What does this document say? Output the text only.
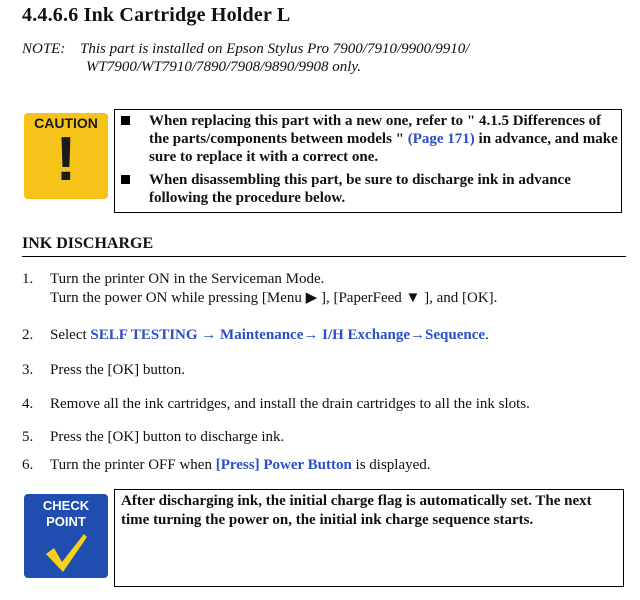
4.4.6.6 Ink Cartridge Holder L
NOTE: This part is installed on Epson Stylus Pro 7900/7910/9900/9910/
WT7900/WT7910/7890/7908/9890/9908 only.
CAUTION
!
When replacing this part with a new one, refer to " 4.1.5 Differences of the parts/components between models " (Page 171) in advance, and make sure to replace it with a correct one.
When disassembling this part, be sure to discharge ink in advance following the procedure below.
INK DISCHARGE
1.	Turn the printer ON in the Serviceman Mode.
Turn the power ON while pressing [Menu ▶ ], [PaperFeed ▼ ], and [OK].
2.	Select SELF TESTING → Maintenance→ I/H Exchange→Sequence.
3.	Press the [OK] button.
4.	Remove all the ink cartridges, and install the drain cartridges to all the ink slots.
5.	Press the [OK] button to discharge ink.
6.	Turn the printer OFF when [Press] Power Button is displayed.
CHECK
POINT
After discharging ink, the initial charge flag is automatically set. The next time turning the power on, the initial ink charge sequence starts.
